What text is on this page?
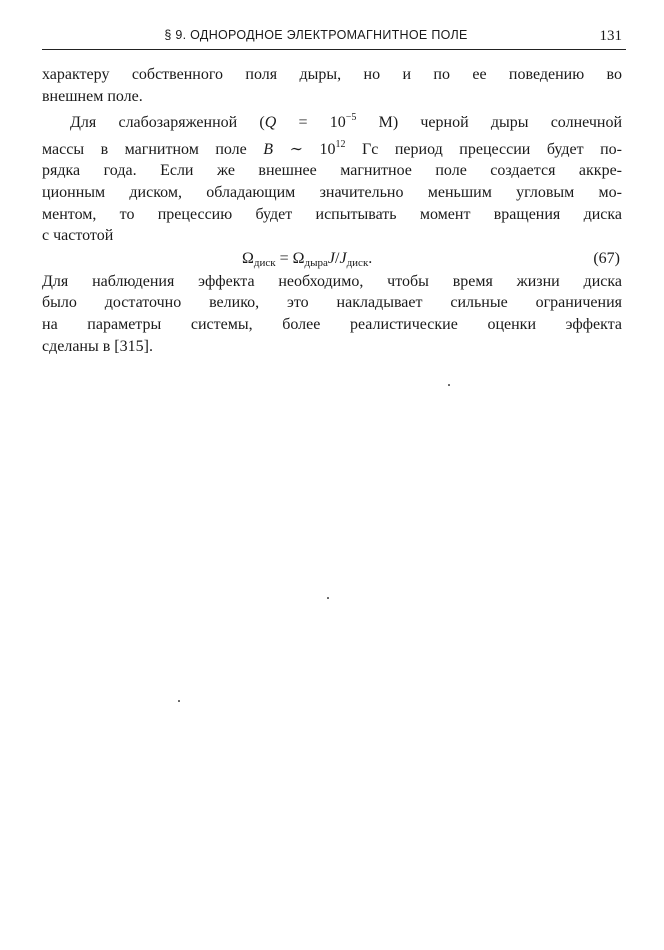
§ 9. ОДНОРОДНОЕ ЭЛЕКТРОМАГНИТНОЕ ПОЛЕ	131
характеру собственного поля дыры, но и по ее поведению во
внешнем поле.
Для слабозаряженной ($Q = 10^{-5}$ M) черной дыры солнечной
массы в магнитном поле B ∼ $10^{12}$ Гс период прецессии будет по-
рядка года. Если же внешнее магнитное поле создается аккре-
ционным диском, обладающим значительно меньшим угловым мо-
ментом, то прецессию будет испытывать момент вращения диска
с частотой
$\Omega_{диск} = \Omega_{дыра}J/J_{диск}$.	(67)
Для наблюдения эффекта необходимо, чтобы время жизни диска
было достаточно велико, это накладывает сильные ограничения
на параметры системы, более реалистические оценки эффекта
сделаны в [315].
